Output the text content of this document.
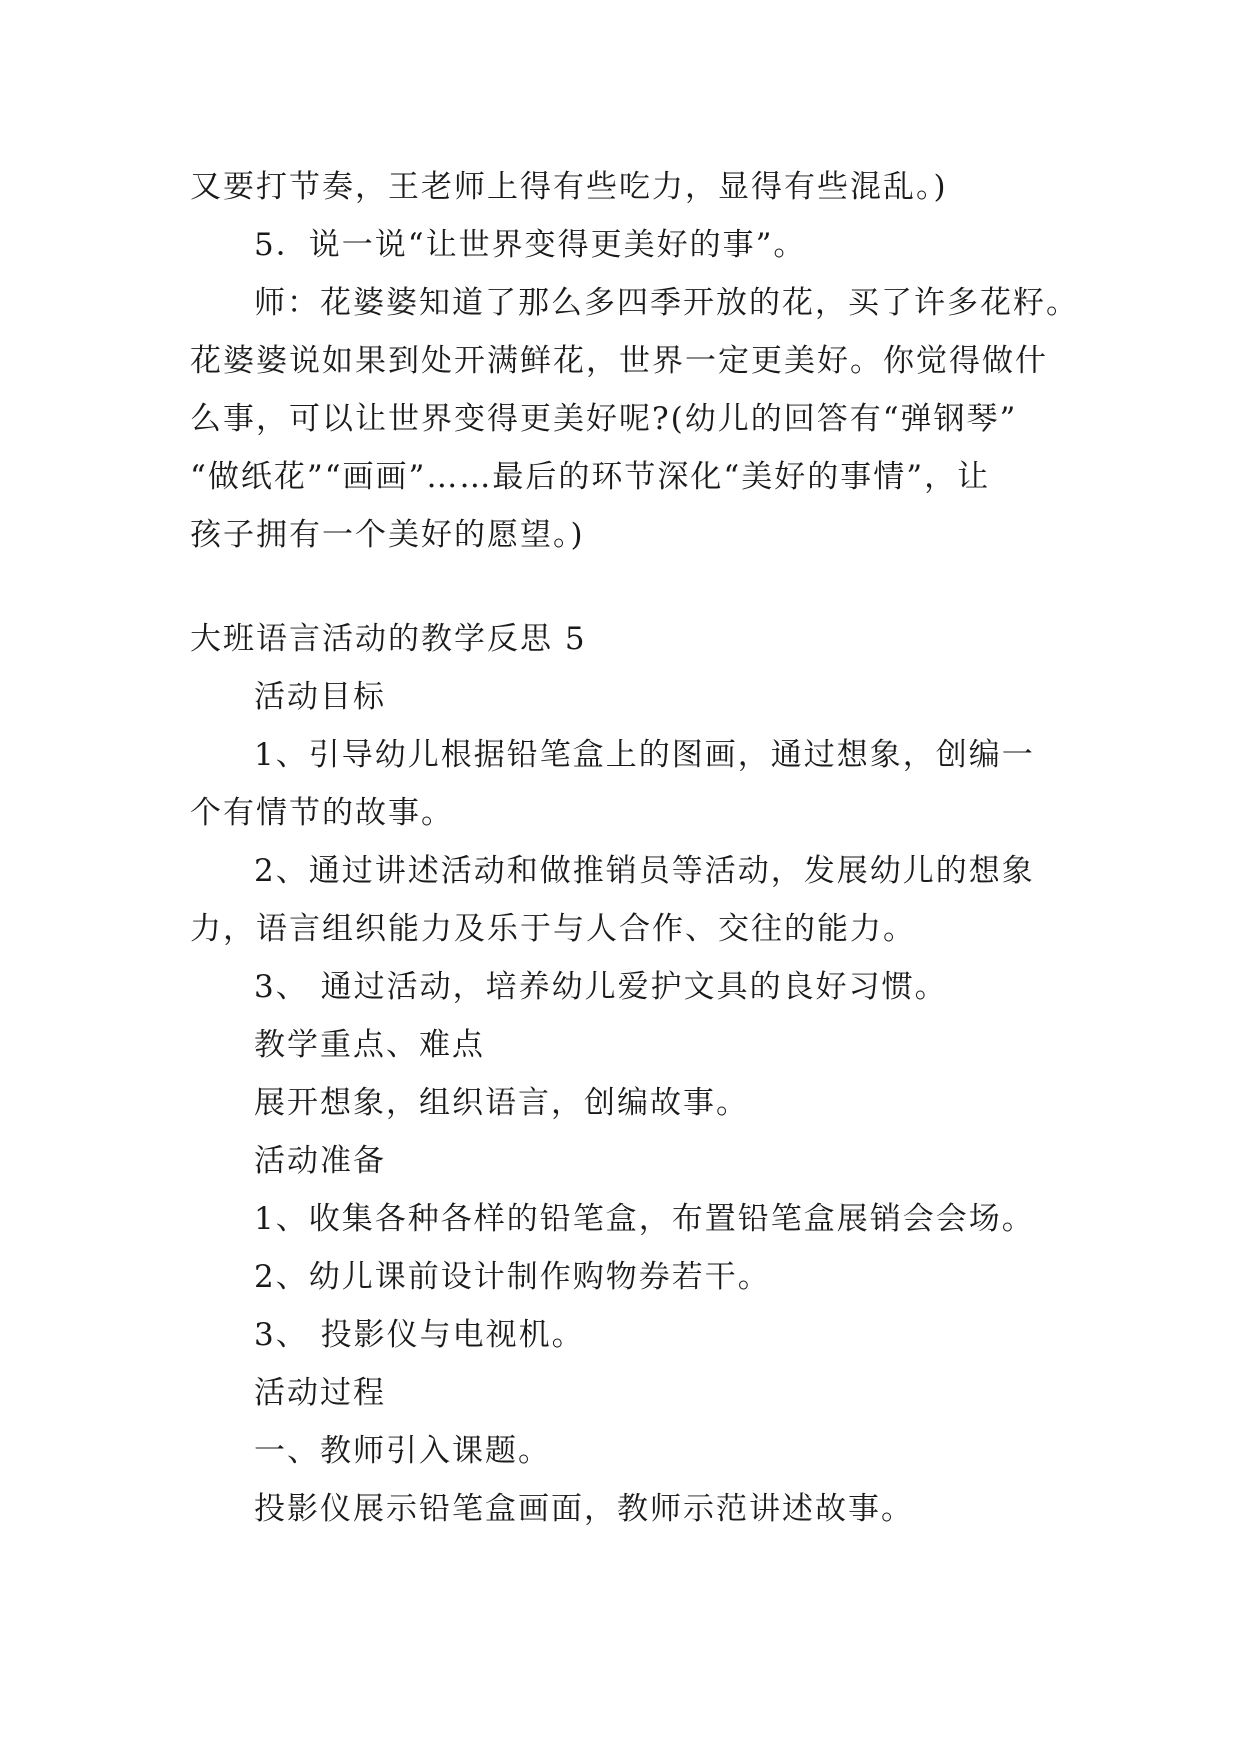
又要打节奏，王老师上得有些吃力，显得有些混乱。)

5．说一说“让世界变得更美好的事”。

师：花婆婆知道了那么多四季开放的花，买了许多花籽。

花婆婆说如果到处开满鲜花，世界一定更美好。你觉得做什

么事，可以让世界变得更美好呢?(幼儿的回答有“弹钢琴”

“做纸花”“画画”……最后的环节深化“美好的事情”，让

孩子拥有一个美好的愿望。)

大班语言活动的教学反思 5

活动目标

1、引导幼儿根据铅笔盒上的图画，通过想象，创编一

个有情节的故事。

2、通过讲述活动和做推销员等活动，发展幼儿的想象

力，语言组织能力及乐于与人合作、交往的能力。

3、 通过活动，培养幼儿爱护文具的良好习惯。

教学重点、难点

展开想象，组织语言，创编故事。

活动准备

1、收集各种各样的铅笔盒，布置铅笔盒展销会会场。

2、幼儿课前设计制作购物券若干。

3、 投影仪与电视机。

活动过程

一、教师引入课题。

投影仪展示铅笔盒画面，教师示范讲述故事。
